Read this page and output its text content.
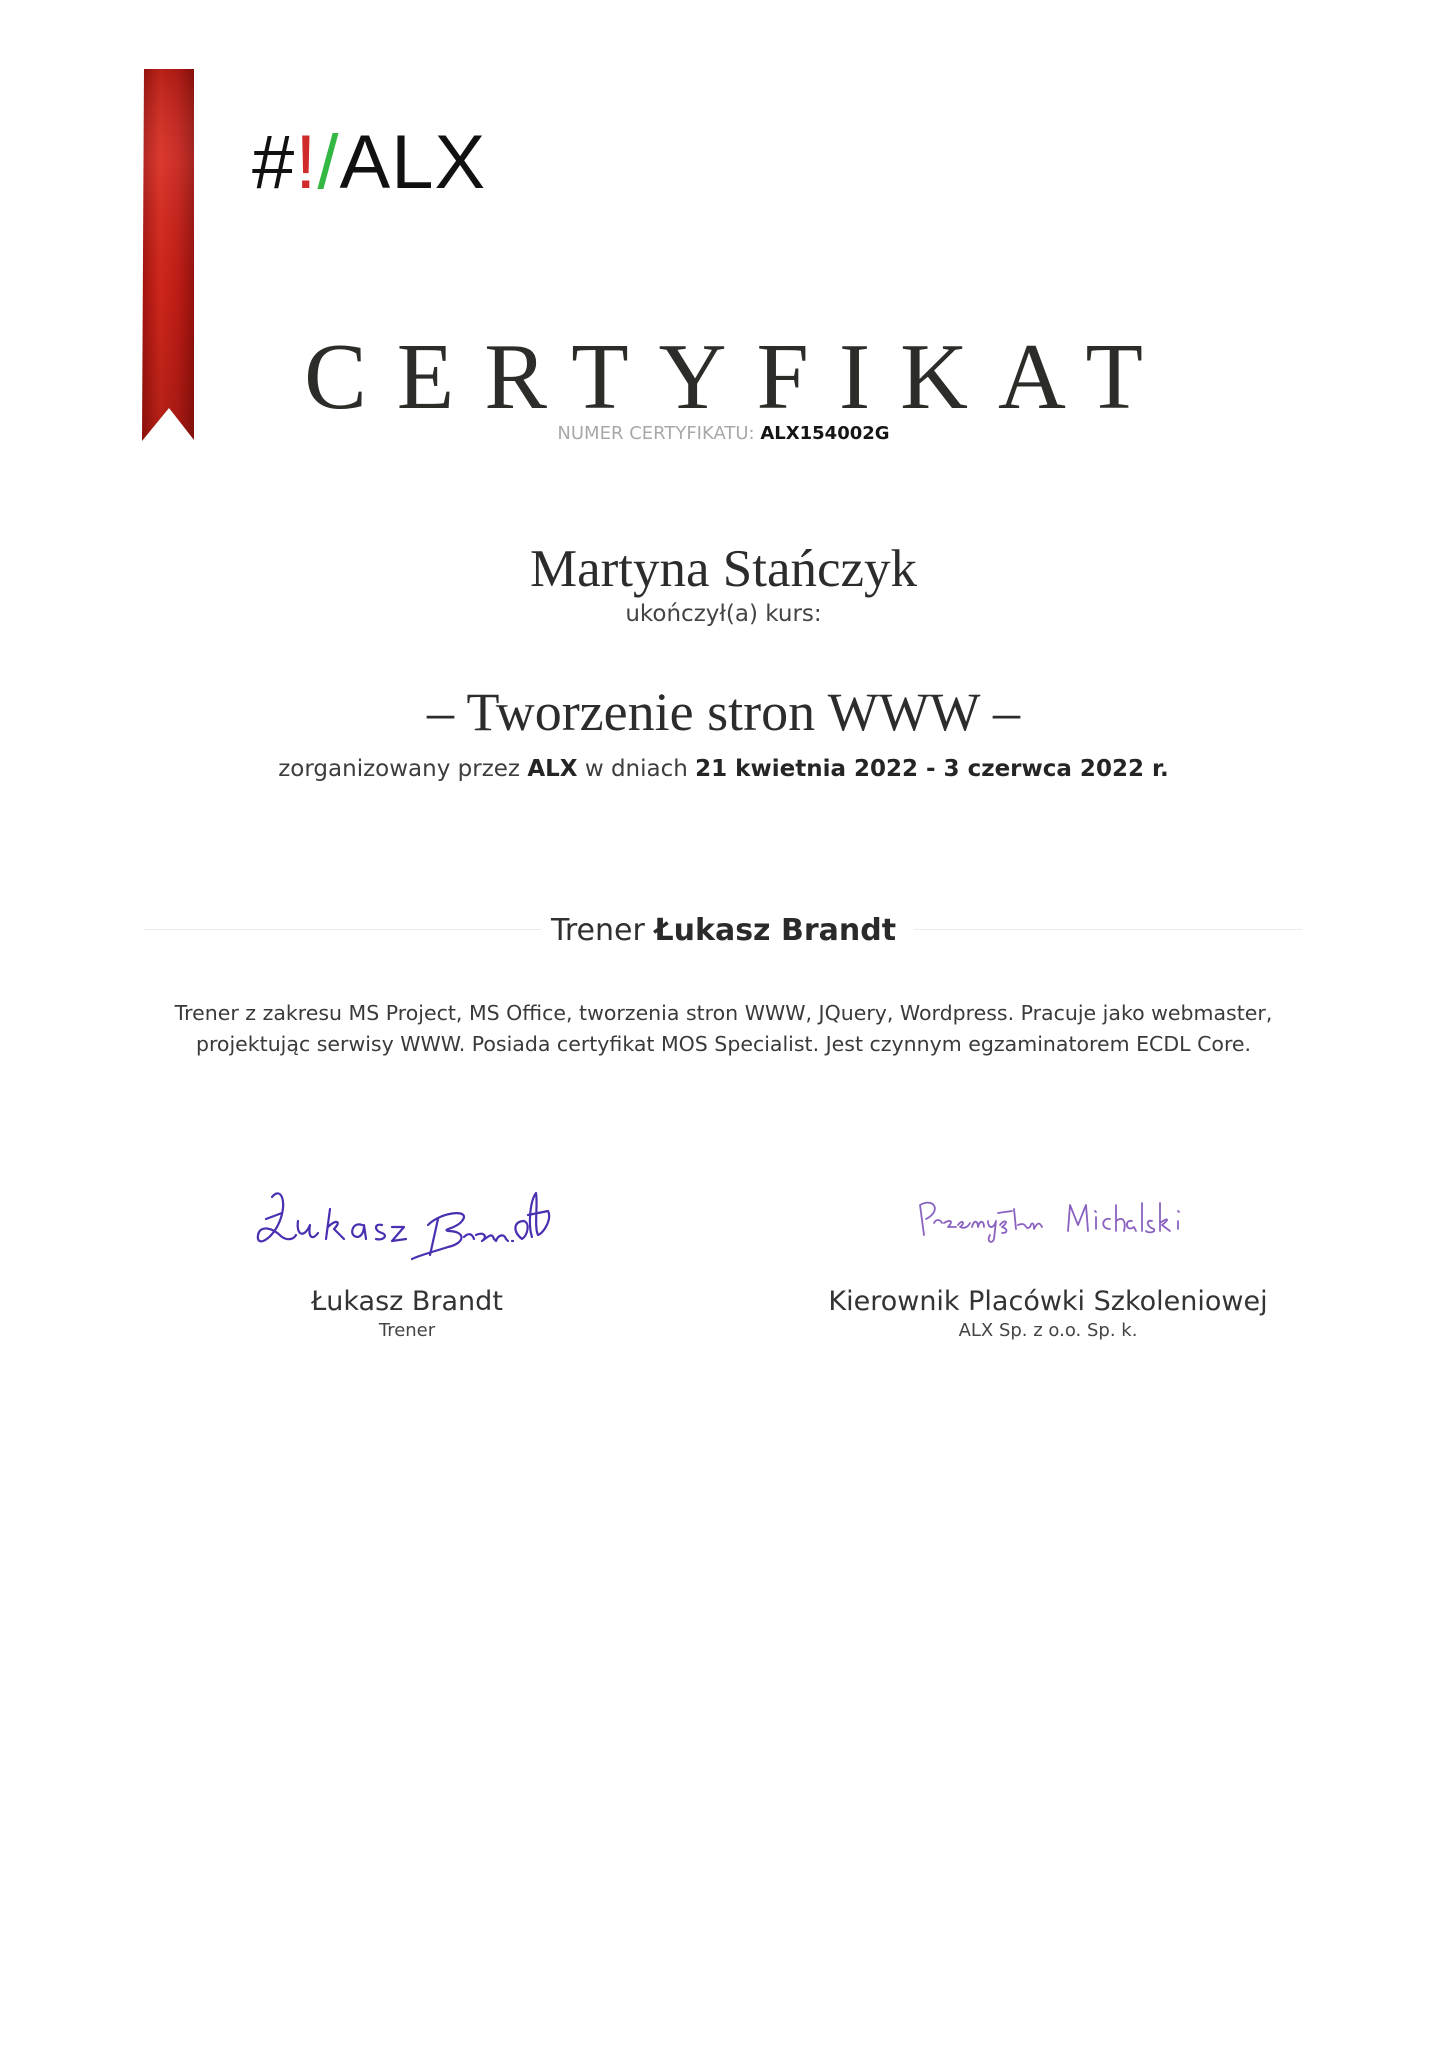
#!/ALX
CERTYFIKAT
NUMER CERTYFIKATU: ALX154002G
Martyna Stańczyk
ukończył(a) kurs:
– Tworzenie stron WWW –
zorganizowany przez ALX w dniach 21 kwietnia 2022 - 3 czerwca 2022 r.
Trener Łukasz Brandt
Trener z zakresu MS Project, MS Office, tworzenia stron WWW, JQuery, Wordpress. Pracuje jako webmaster,
projektując serwisy WWW. Posiada certyfikat MOS Specialist. Jest czynnym egzaminatorem ECDL Core.
Łukasz Brandt
Trener
Kierownik Placówki Szkoleniowej
ALX Sp. z o.o. Sp. k.
